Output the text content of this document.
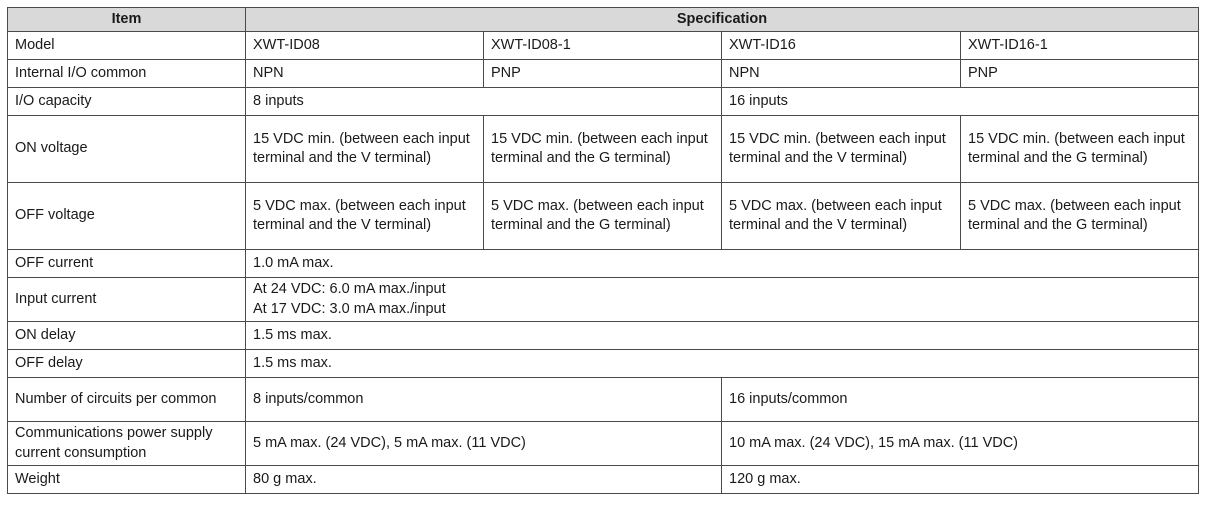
Item	Specification			
Model	XWT-ID08	XWT-ID08-1	XWT-ID16	XWT-ID16-1
Internal I/O common	NPN	PNP	NPN	PNP
I/O capacity	8 inputs		16 inputs	
ON voltage	15 VDC min. (between each input terminal and the V terminal)	15 VDC min. (between each input terminal and the G terminal)	15 VDC min. (between each input terminal and the V terminal)	15 VDC min. (between each input terminal and the G terminal)
OFF voltage	5 VDC max. (between each input terminal and the V terminal)	5 VDC max. (between each input terminal and the G terminal)	5 VDC max. (between each input terminal and the V terminal)	5 VDC max. (between each input terminal and the G terminal)
OFF current	1.0 mA max.			
Input current	At 24 VDC: 6.0 mA max./input
At 17 VDC: 3.0 mA max./input			

ON delay	1.5 ms max.			
OFF delay	1.5 ms max.			
Number of circuits per common	8 inputs/common		16 inputs/common	
Communications power supply current consumption	5 mA max. (24 VDC), 5 mA max. (11 VDC)		10 mA max. (24 VDC), 15 mA max. (11 VDC)	
Weight	80 g max.		120 g max.	
